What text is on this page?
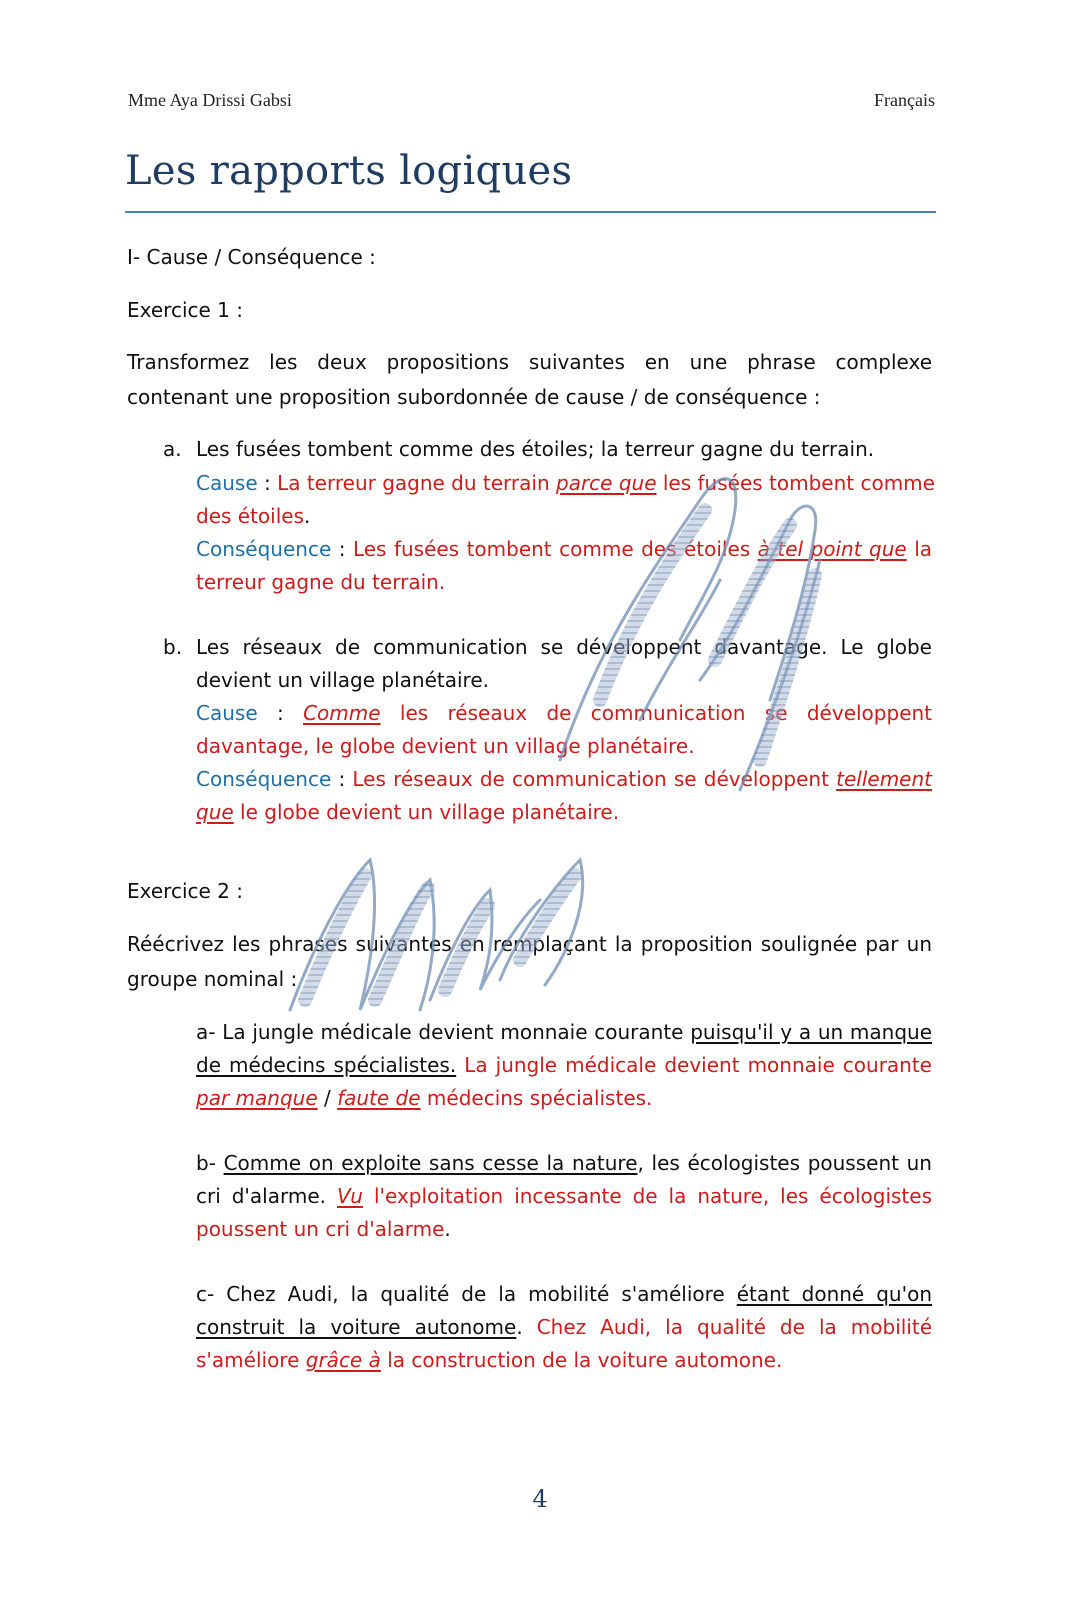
Mme Aya Drissi Gabsi	Français
Les rapports logiques
I- Cause / Conséquence :
Exercice 1 :
Transformez les deux propositions suivantes en une phrase complexe
contenant une proposition subordonnée de cause / de conséquence :
a. Les fusées tombent comme des étoiles; la terreur gagne du terrain.
Cause : La terreur gagne du terrain parce que les fusées tombent comme
des étoiles.
Conséquence : Les fusées tombent comme des étoiles à tel point que la
terreur gagne du terrain.
b. Les réseaux de communication se développent davantage. Le globe
devient un village planétaire.
Cause : Comme les réseaux de communication se développent
davantage, le globe devient un village planétaire.
Conséquence : Les réseaux de communication se développent tellement
que le globe devient un village planétaire.
Exercice 2 :
Réécrivez les phrases suivantes en remplaçant la proposition soulignée par un
groupe nominal :
a- La jungle médicale devient monnaie courante puisqu'il y a un manque
de médecins spécialistes. La jungle médicale devient monnaie courante
par manque / faute de médecins spécialistes.
b- Comme on exploite sans cesse la nature, les écologistes poussent un
cri d'alarme. Vu l'exploitation incessante de la nature, les écologistes
poussent un cri d'alarme.
c- Chez Audi, la qualité de la mobilité s'améliore étant donné qu'on
construit la voiture autonome. Chez Audi, la qualité de la mobilité
s'améliore grâce à la construction de la voiture automone.
4
